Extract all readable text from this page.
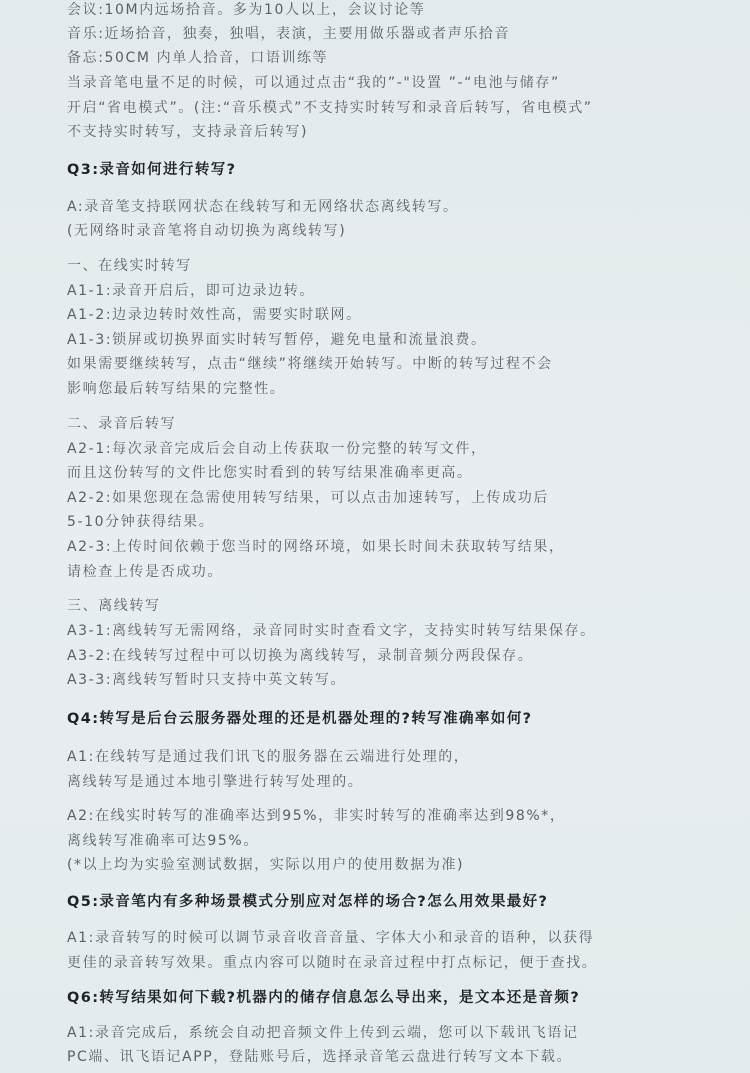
会议:10M内远场拾音。多为10人以上，会议讨论等
音乐:近场拾音，独奏，独唱，表演，主要用做乐器或者声乐拾音
备忘:50CM 内单人拾音，口语训练等
当录音笔电量不足的时候，可以通过点击“我的”-"设置 ”-“电池与储存”
开启“省电模式”。(注:“音乐模式”不支持实时转写和录音后转写，省电模式”
不支持实时转写，支持录音后转写)
Q3:录音如何进行转写?
A:录音笔支持联网状态在线转写和无网络状态离线转写。
(无网络时录音笔将自动切换为离线转写)
一、在线实时转写
A1-1:录音开启后，即可边录边转。
A1-2:边录边转时效性高，需要实时联网。
A1-3:锁屏或切换界面实时转写暂停，避免电量和流量浪费。
如果需要继续转写，点击“继续”将继续开始转写。中断的转写过程不会
影响您最后转写结果的完整性。
二、录音后转写
A2-1:每次录音完成后会自动上传获取一份完整的转写文件，
而且这份转写的文件比您实时看到的转写结果准确率更高。
A2-2:如果您现在急需使用转写结果，可以点击加速转写，上传成功后
5-10分钟获得结果。
A2-3:上传时间依赖于您当时的网络环境，如果长时间未获取转写结果，
请检查上传是否成功。
三、离线转写
A3-1:离线转写无需网络，录音同时实时查看文字，支持实时转写结果保存。
A3-2:在线转写过程中可以切换为离线转写，录制音频分两段保存。
A3-3:离线转写暂时只支持中英文转写。
Q4:转写是后台云服务器处理的还是机器处理的?转写准确率如何?
A1:在线转写是通过我们讯飞的服务器在云端进行处理的，
离线转写是通过本地引擎进行转写处理的。
A2:在线实时转写的准确率达到95%，非实时转写的准确率达到98%*，
离线转写准确率可达95%。
(*以上均为实验室测试数据，实际以用户的使用数据为准)
Q5:录音笔内有多种场景模式分别应对怎样的场合?怎么用效果最好?
A1:录音转写的时候可以调节录音收音音量、字体大小和录音的语种，以获得
更佳的录音转写效果。重点内容可以随时在录音过程中打点标记，便于查找。
Q6:转写结果如何下载?机器内的储存信息怎么导出来，是文本还是音频?
A1:录音完成后，系统会自动把音频文件上传到云端，您可以下载讯飞语记
PC端、讯飞语记APP，登陆账号后，选择录音笔云盘进行转写文本下载。
